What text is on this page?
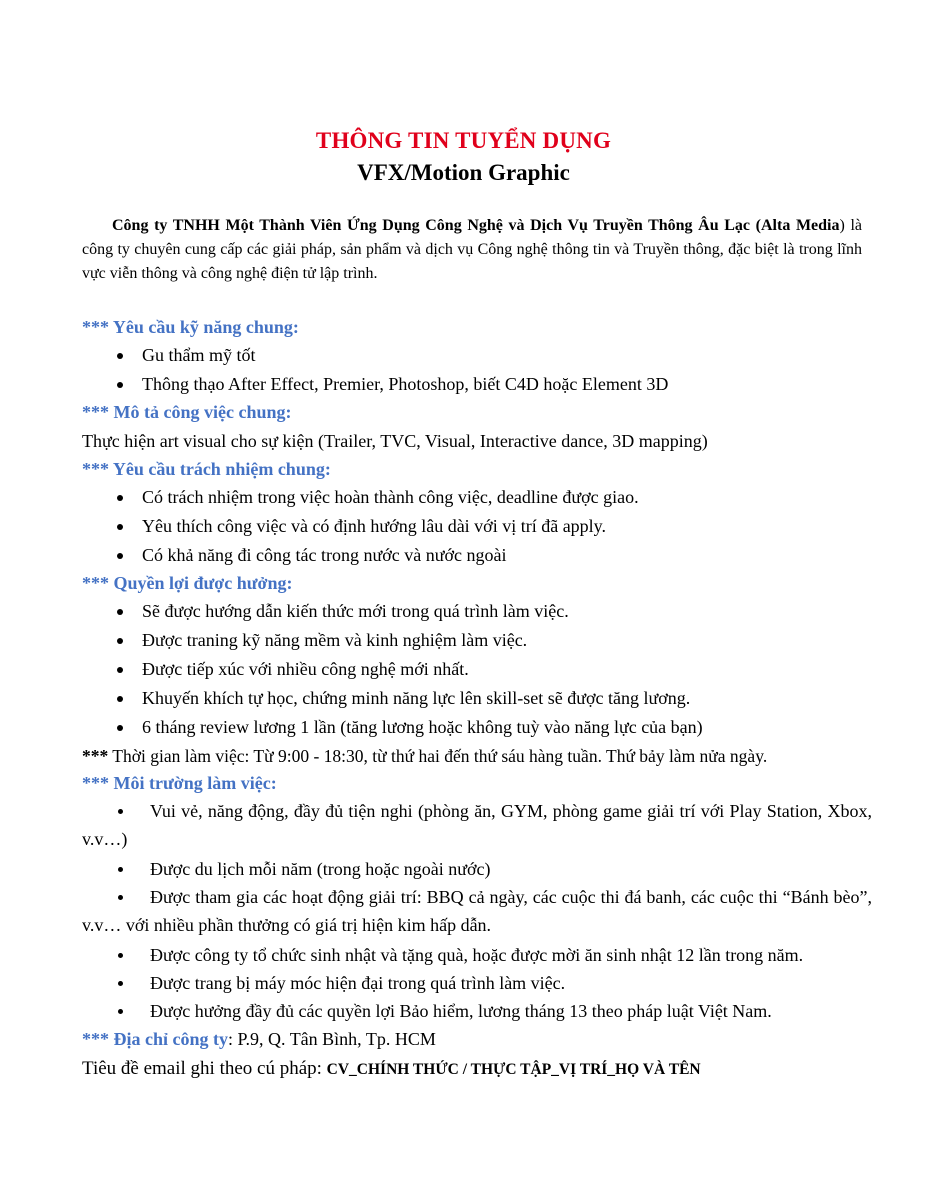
THÔNG TIN TUYỂN DỤNG
VFX/Motion Graphic
Công ty TNHH Một Thành Viên Ứng Dụng Công Nghệ và Dịch Vụ Truyền Thông Âu Lạc (Alta Media) là công ty chuyên cung cấp các giải pháp, sản phẩm và dịch vụ Công nghệ thông tin và Truyền thông, đặc biệt là trong lĩnh vực viễn thông và công nghệ điện tử lập trình.
*** Yêu cầu kỹ năng chung:
Gu thẩm mỹ tốt
Thông thạo After Effect, Premier, Photoshop, biết C4D hoặc Element 3D
*** Mô tả công việc chung:
Thực hiện art visual cho sự kiện (Trailer, TVC, Visual, Interactive dance, 3D mapping)
*** Yêu cầu trách nhiệm chung:
Có trách nhiệm trong việc hoàn thành công việc, deadline được giao.
Yêu thích công việc và có định hướng lâu dài với vị trí đã apply.
Có khả năng đi công tác trong nước và nước ngoài
*** Quyền lợi được hưởng:
Sẽ được hướng dẫn kiến thức mới trong quá trình làm việc.
Được traning kỹ năng mềm và kinh nghiệm làm việc.
Được tiếp xúc với nhiều công nghệ mới nhất.
Khuyến khích tự học, chứng minh năng lực lên skill-set sẽ được tăng lương.
6 tháng review lương 1 lần (tăng lương hoặc không tuỳ vào năng lực của bạn)
*** Thời gian làm việc: Từ 9:00 - 18:30, từ thứ hai đến thứ sáu hàng tuần. Thứ bảy làm nửa ngày.
*** Môi trường làm việc:
Vui vẻ, năng động, đầy đủ tiện nghi (phòng ăn, GYM, phòng game giải trí với Play Station, Xbox, v.v…)
Được du lịch mỗi năm (trong hoặc ngoài nước)
Được tham gia các hoạt động giải trí: BBQ cả ngày, các cuộc thi đá banh, các cuộc thi “Bánh bèo”, v.v… với nhiều phần thưởng có giá trị hiện kim hấp dẫn.
Được công ty tổ chức sinh nhật và tặng quà, hoặc được mời ăn sinh nhật 12 lần trong năm.
Được trang bị máy móc hiện đại trong quá trình làm việc.
Được hưởng đầy đủ các quyền lợi Bảo hiểm, lương tháng 13 theo pháp luật Việt Nam.
*** Địa chỉ công ty: P.9, Q. Tân Bình, Tp. HCM
Tiêu đề email ghi theo cú pháp: CV_CHÍNH THỨC / THỰC TẬP_VỊ TRÍ_HỌ VÀ TÊN
